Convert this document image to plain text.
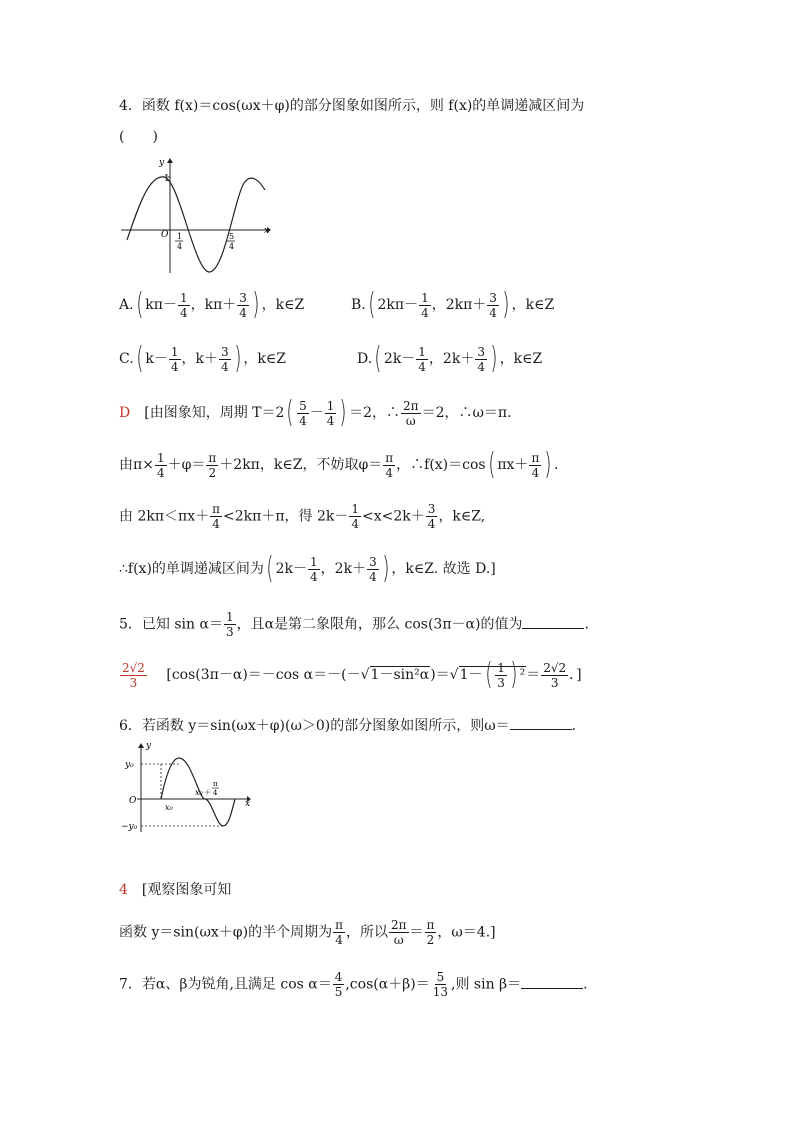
4．函数 f(x)＝cos(ωx＋φ)的部分图象如图所示，则 f(x)的单调递减区间为
(　　)
y
x
O
1
1
4
5
4
A.( $k\pi- \frac{1}{4}$ ，$k\pi+ \frac{3}{4}$ ) ，k∈Z	B.( $2k\pi- \frac{1}{4}$ ，$2k\pi+ \frac{3}{4}$ ) ，k∈Z
C.( $k- \frac{1}{4}$ ，$k+ \frac{3}{4}$ ) ，k∈Z	D.( $2k- \frac{1}{4}$ ，$2k+ \frac{3}{4}$ ) ，k∈Z
D　 [由图象知，周期 $T=2( \frac{5}{4} - \frac{1}{4}$ ) ＝2，∴ $\frac{2\pi}{\omega} =2$，∴ω＝π.
由$\pi\times \frac{1}{4} +\varphi= \frac{\pi}{2} +2k\pi$，k∈Z，不妨取$\varphi= \frac{\pi}{4}$ ，∴f(x)＝cos( $\pi x+ \frac{\pi}{4}$ ) .
由 $2k\pi<\pi x+ \frac{\pi}{4} <2k\pi+\pi$，得 $2k- \frac{1}{4} <x<2k+ \frac{3}{4}$ ，k∈Z,
∴f(x)的单调递减区间为( $2k- \frac{1}{4}$ ，$2k+ \frac{3}{4}$ ) ，k∈Z. 故选 D.]
5．已知 $\sin \alpha= \frac{1}{3}$ ，且α是第二象限角，那么 cos(3π－α)的值为	.
$\frac{2√2}{3}$
　 [cos(3π－α)＝－cos $\alpha=-(-√1-\sin^2\alpha)=√1-( \frac{1}{3}$ ) $^2= \frac{2√2}{3}$ ．]
6．若函数 y＝sin(ωx＋φ)(ω＞0)的部分图象如图所示，则ω＝	.
y
x
O
y₀
−y₀
x₀
x₀＋
π
4
4　 [观察图象可知
函数 y＝sin(ωx＋φ)的半个周期为 $\frac{\pi}{4}$ ，所以 $\frac{2\pi}{\omega} = \frac{\pi}{2}$ ，ω＝4.]
7．若α、β为锐角,且满足 $\cos \alpha= \frac{4}{5} ,\cos(\alpha+\beta)= \frac{5}{13}$ ,则 sin β＝	.
